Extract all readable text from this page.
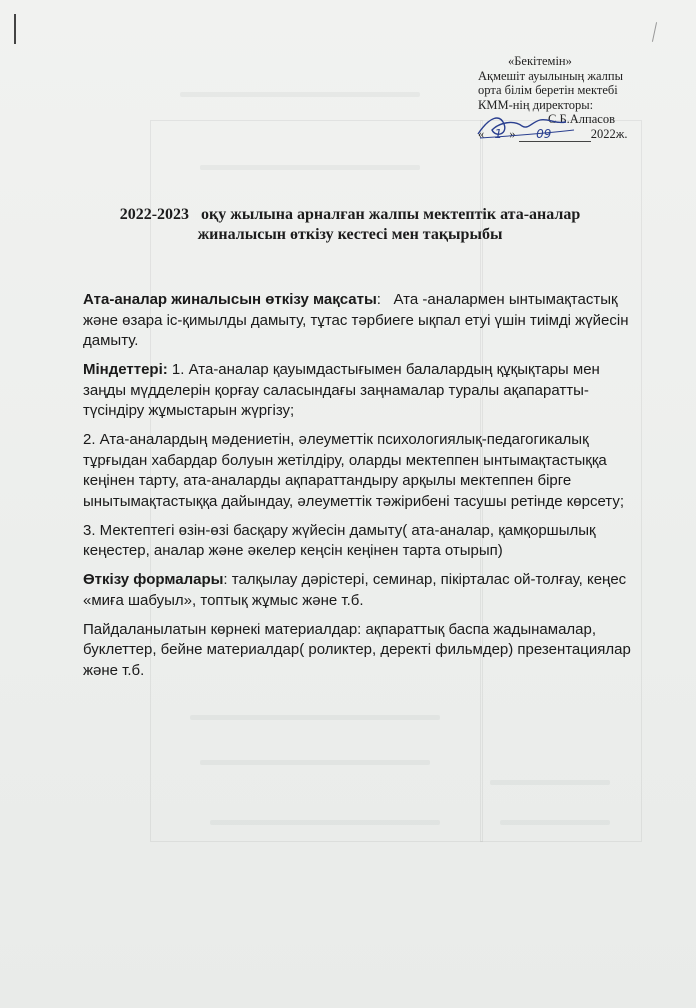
«Бекітемін»
Ақмешіт ауылының жалпы
орта білім беретін мектебі
КММ-нің директоры:
С.Б.Алпасов
« 1 » 09	2022ж.
2022-2023   оқу жылына арналған жалпы мектептік ата-аналар
жиналысын өткізу кестесі мен тақырыбы

Ата-аналар жиналысын өткізу мақсаты:   Ата -аналармен ынтымақтастық және өзара іс-қимылды дамыту, тұтас тәрбиеге ықпал етуі үшін тиімді жүйесін дамыту.

Міндеттері: 1. Ата-аналар қауымдастығымен балалардың құқықтары мен заңды мүдделерін қорғау саласындағы заңнамалар туралы ақапаратты- түсіндіру жұмыстарын жүргізу;

2. Ата-аналардың мәдениетін, әлеуметтік психологиялық-педагогикалық тұрғыдан хабардар болуын жетілдіру, оларды мектеппен ынтымақтастыққа кеңінен тарту, ата-аналарды ақпараттандыру арқылы мектеппен бірге ынытымақтастыққа дайындау, әлеуметтік тәжірибені тасушы ретінде көрсету;

3. Мектептегі өзін-өзі басқару жүйесін дамыту( ата-аналар, қамқоршылық кеңестер, аналар және әкелер кеңсін кеңінен тарта отырып)

Өткізу формалары: талқылау дәрістері, семинар, пікірталас ой-толғау, кеңес «миға шабуыл», топтық жұмыс және т.б.

Пайдаланылатын көрнекі материалдар: ақпараттық баспа жадынамалар, буклеттер, бейне материалдар( роликтер, деректі фильмдер) презентациялар және т.б.
